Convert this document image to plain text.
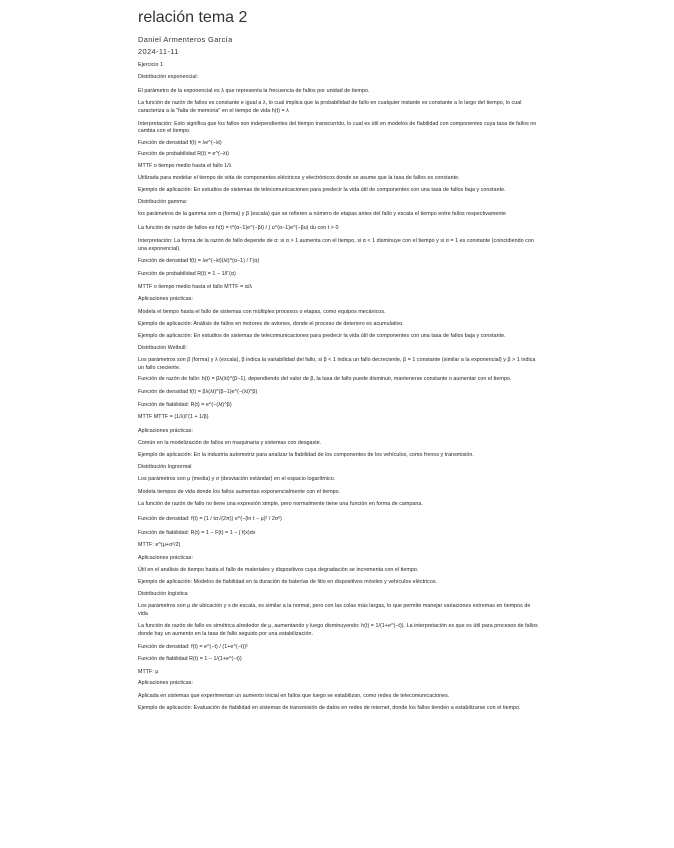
relación tema 2
Daniel Armenteros García
2024-11-11
Ejercicio 1
Distribución exponencial:
El parámetro de la exponencial es λ que representa la frecuencia de fallos por unidad de tiempo.
La función de razón de fallos es constante e igual a λ, lo cual implica que la probabilidad de fallo en cualquier instante es constante a lo largo del tiempo, lo cual caracteriza a la "falta de memoria" en el tiempo de vida h(t) = λ
Interpretación: Esto significa que los fallos son independientes del tiempo transcurrido, lo cual es útil en modelos de fiabilidad con componentes cuya tasa de fallos no cambia con el tiempo.
Función de densidad f(t) = λe^(−λt)
Función de probabilidad R(t) = e^(−λt)
MTTF o tiempo medio hasta el fallo 1/λ
Utilizada para modelar el tiempo de vida de componentes eléctricos y electrónicos donde se asume que la tasa de fallos es constante.
Ejemplo de aplicación: En estudios de sistemas de telecomunicaciones para predecir la vida útil de componentes con una tasa de fallos baja y constante.
Distribución gamma:
los parámetros de la gamma son α (forma) y β (escala) que se refieren a número de etapas antes del fallo y escala el tiempo entre fallos respectivamente
La función de razón de fallos es h(t) = t^(α−1)e^(−βt) / ∫ u^(α−1)e^(−βu) du con t > 0
Interpretación: La forma de la razón de fallo depende de α: si α > 1 aumenta con el tiempo, si α < 1 disminuye con el tiempo y si α = 1 es constante (coincidiendo con una exponencial).
Función de densidad f(t) = λe^(−λt)(λt)^(α−1) / Γ(α)
Función de probabilidad R(t) = 1 − 1/Γ(α)
MTTF o tiempo medio hasta el fallo MTTF = α/λ
Aplicaciones prácticas:
Modela el tiempo hasta el fallo de sistemas con múltiples procesos o etapas, como equipos mecánicos.
Ejemplo de aplicación: Análisis de fallos en motores de aviones, donde el proceso de deterioro es acumulativo.
Ejemplo de aplicación: En estudios de sistemas de telecomunicaciones para predecir la vida útil de componentes con una tasa de fallos baja y constante.
Distribución Weibull:
Los parámetros son β (forma) y λ (escala), β indica la variabilidad del fallo, si β < 1 indica un fallo decreciente, β = 1 constante (similar a la exponencial) y β > 1 indica un fallo creciente.
Función de razón de fallo: h(t) = βλ(λt)^(β−1), dependiendo del valor de β, la tasa de fallo puede disminuir, mantenerse constante o aumentar con el tiempo.
Función de densidad f(t) = βλ(λt)^(β−1)e^(−(λt)^β)
Función de fiabilidad: R(t) = e^(−(λt)^β)
MTTF MTTF = (1/λ)Γ(1 + 1/β)
Aplicaciones prácticas:
Común en la modelización de fallos en maquinaria y sistemas con desgaste.
Ejemplo de aplicación: En la industria automotriz para analizar la fiabilidad de los componentes de los vehículos, como frenos y transmisión.
Distribución lognormal
Los parámetros son μ (media) y σ (desviación estándar) en el espacio logarítmico.
Modela tiempos de vida donde los fallos aumentan exponencialmente con el tiempo.
La función de razón de fallo no tiene una expresión simple, pero normalmente tiene una función en forma de campana.
Función de densidad: f(t) = (1 / tσ√(2π)) e^(−(ln t − μ)² / 2σ²)
Función de fiabilidad: R(t) = 1 − F(t) = 1 − ∫ f(x)dx
MTTF: e^(μ+σ²/2)
Aplicaciones prácticas:
Útil en el análisis de tiempo hasta el fallo de materiales y dispositivos cuya degradación se incrementa con el tiempo.
Ejemplo de aplicación: Modelos de fiabilidad en la duración de baterías de litio en dispositivos móviles y vehículos eléctricos.
Distribución logística
Los parámetros son μ de ubicación y s de escala, es similar a la normal, pero con las colas más largas, lo que permite manejar variaciones extremas en tiempos de vida
La función de razón de fallo es simétrica alrededor de μ, aumentando y luego disminuyendo: h(t) = 1/(1+e^(−t)). La interpretación es que es útil para procesos de fallos donde hay un aumento en la tasa de fallo seguido por una estabilización.
Función de densidad: f(t) = e^(−t) / (1+e^(−t))²
Función de fiabilidad R(t) = 1 − 1/(1+e^(−t))
MTTF: μ
Aplicaciones prácticas:
Aplicada en sistemas que experimentan un aumento inicial en fallos que luego se estabilizan, como redes de telecomunicaciones.
Ejemplo de aplicación: Evaluación de fiabilidad en sistemas de transmisión de datos en redes de internet, donde los fallos tienden a estabilizarse con el tiempo.
